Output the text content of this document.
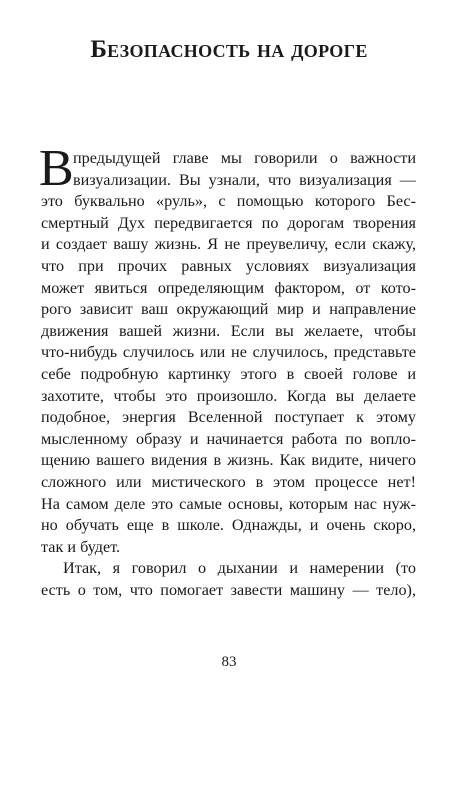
Безопасность на дороге
В предыдущей главе мы говорили о важности
визуализации. Вы узнали, что визуализация —
это буквально «руль», с помощью которого Бес-
смертный Дух передвигается по дорогам творения
и создает вашу жизнь. Я не преувеличу, если скажу,
что при прочих равных условиях визуализация
может явиться определяющим фактором, от кото-
рого зависит ваш окружающий мир и направление
движения вашей жизни. Если вы желаете, чтобы
что-нибудь случилось или не случилось, представьте
себе подробную картинку этого в своей голове и
захотите, чтобы это произошло. Когда вы делаете
подобное, энергия Вселенной поступает к этому
мысленному образу и начинается работа по вопло-
щению вашего видения в жизнь. Как видите, ничего
сложного или мистического в этом процессе нет!
На самом деле это самые основы, которым нас нуж-
но обучать еще в школе. Однажды, и очень скоро,
так и будет.
Итак, я говорил о дыхании и намерении (то
есть о том, что помогает завести машину — тело),
83
